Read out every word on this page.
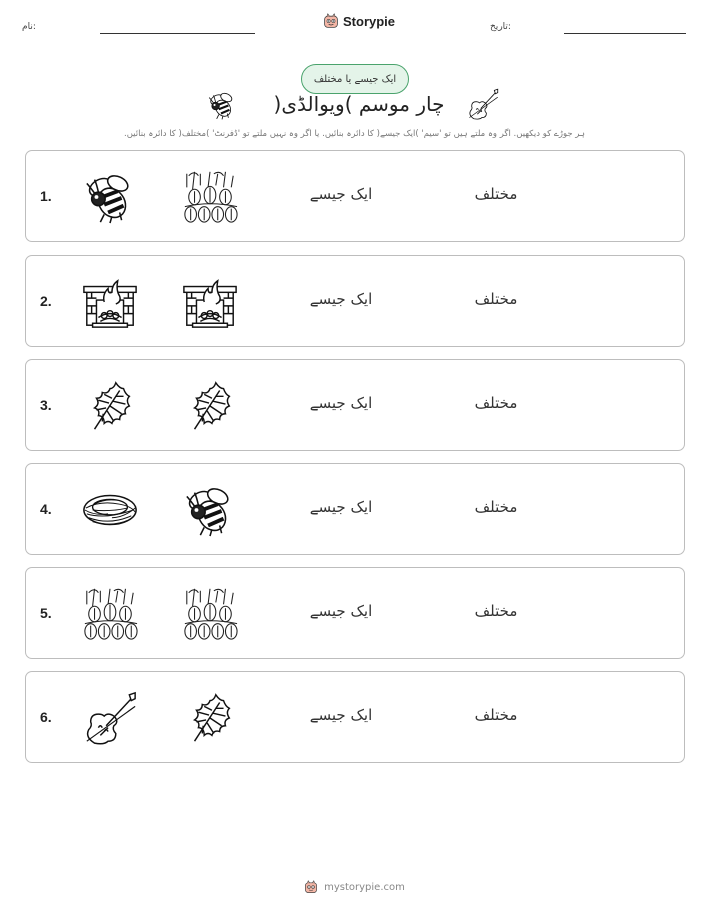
نام:	Storypie	تاریخ:
ایک جیسے یا مختلف
چار موسم )ویوالڈی(
ہر جوڑے کو دیکھیں. اگر وہ ملتے ہیں تو 'سیم' )ایک جیسے( کا دائرہ بنائیں. یا اگر وہ نہیں ملتے تو 'ڈفرنٹ' )مختلف( کا دائرہ بنائیں.
1.	ایک جیسے	مختلف
2.	ایک جیسے	مختلف
3.	ایک جیسے	مختلف
4.	ایک جیسے	مختلف
5.	ایک جیسے	مختلف
6.	ایک جیسے	مختلف
mystorypie.com
